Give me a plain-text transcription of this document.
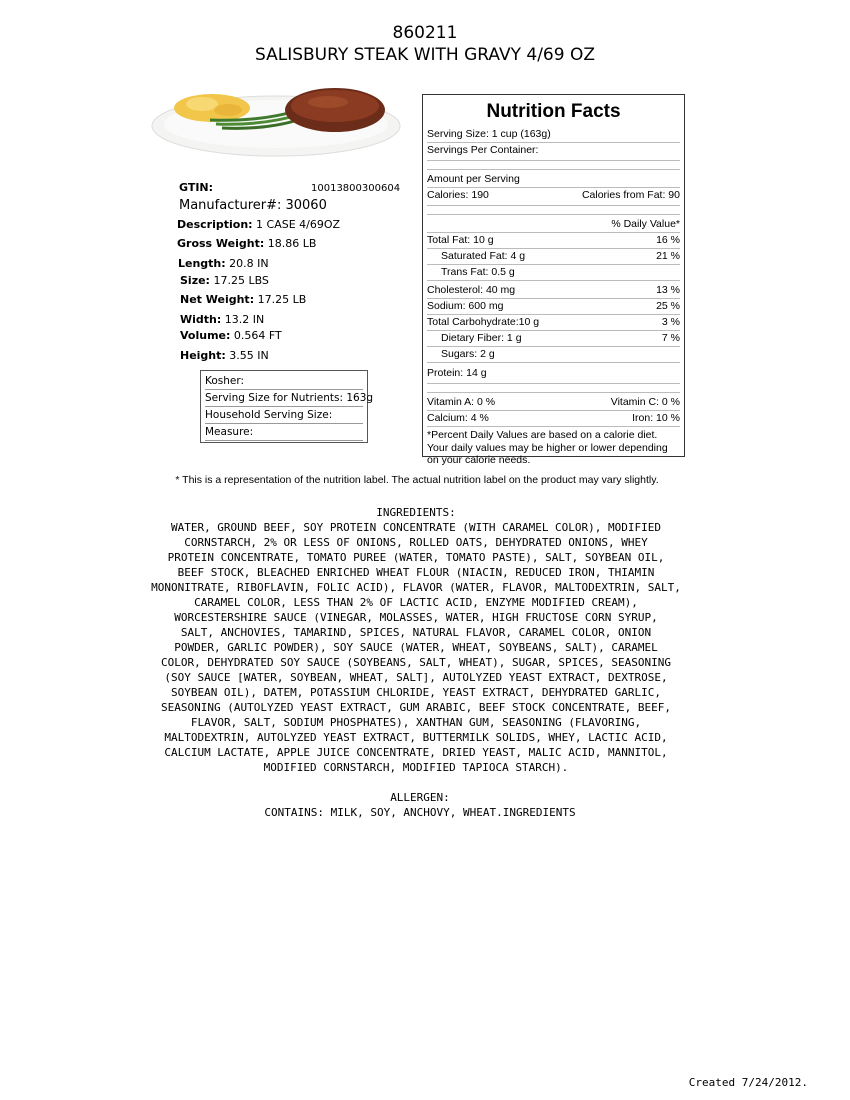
860211
SALISBURY STEAK WITH GRAVY 4/69 OZ
GTIN:	10013800300604
Manufacturer#: 30060
Description: 1 CASE 4/69OZ
Gross Weight: 18.86 LB
Length: 20.8 IN
Size: 17.25 LBS
Net Weight: 17.25 LB
Width: 13.2 IN
Volume: 0.564 FT
Height: 3.55 IN
Kosher:
Serving Size for Nutrients: 163g
Household Serving Size:
Measure:
Nutrition Facts
Serving Size: 1 cup (163g)
Servings Per Container:
Amount per Serving
Calories: 190	Calories from Fat: 90
% Daily Value*
Total Fat: 10 g	16 %
Saturated Fat: 4 g	21 %
Trans Fat: 0.5 g
Cholesterol: 40 mg	13 %
Sodium: 600 mg	25 %
Total Carbohydrate:10 g	3 %
Dietary Fiber: 1 g	7 %
Sugars: 2 g
Protein: 14 g
Vitamin A: 0 %	Vitamin C: 0 %
Calcium: 4 %	Iron: 10 %
*Percent Daily Values are based on a calorie diet. Your daily values may be higher or lower depending on your calorie needs.
* This is a representation of the nutrition label. The actual nutrition label on the product may vary slightly.
INGREDIENTS:
WATER, GROUND BEEF, SOY PROTEIN CONCENTRATE (WITH CARAMEL COLOR), MODIFIED
CORNSTARCH, 2% OR LESS OF ONIONS, ROLLED OATS, DEHYDRATED ONIONS, WHEY
PROTEIN CONCENTRATE, TOMATO PUREE (WATER, TOMATO PASTE), SALT, SOYBEAN OIL,
BEEF STOCK, BLEACHED ENRICHED WHEAT FLOUR (NIACIN, REDUCED IRON, THIAMIN
MONONITRATE, RIBOFLAVIN, FOLIC ACID), FLAVOR (WATER, FLAVOR, MALTODEXTRIN, SALT,
CARAMEL COLOR, LESS THAN 2% OF LACTIC ACID, ENZYME MODIFIED CREAM),
WORCESTERSHIRE SAUCE (VINEGAR, MOLASSES, WATER, HIGH FRUCTOSE CORN SYRUP,
SALT, ANCHOVIES, TAMARIND, SPICES, NATURAL FLAVOR, CARAMEL COLOR, ONION
POWDER, GARLIC POWDER), SOY SAUCE (WATER, WHEAT, SOYBEANS, SALT), CARAMEL
COLOR, DEHYDRATED SOY SAUCE (SOYBEANS, SALT, WHEAT), SUGAR, SPICES, SEASONING
(SOY SAUCE [WATER, SOYBEAN, WHEAT, SALT], AUTOLYZED YEAST EXTRACT, DEXTROSE,
SOYBEAN OIL), DATEM, POTASSIUM CHLORIDE, YEAST EXTRACT, DEHYDRATED GARLIC,
SEASONING (AUTOLYZED YEAST EXTRACT, GUM ARABIC, BEEF STOCK CONCENTRATE, BEEF,
FLAVOR, SALT, SODIUM PHOSPHATES), XANTHAN GUM, SEASONING (FLAVORING,
MALTODEXTRIN, AUTOLYZED YEAST EXTRACT, BUTTERMILK SOLIDS, WHEY, LACTIC ACID,
CALCIUM LACTATE, APPLE JUICE CONCENTRATE, DRIED YEAST, MALIC ACID, MANNITOL,
MODIFIED CORNSTARCH, MODIFIED TAPIOCA STARCH).
ALLERGEN:
CONTAINS: MILK, SOY, ANCHOVY, WHEAT.INGREDIENTS
Created 7/24/2012.
